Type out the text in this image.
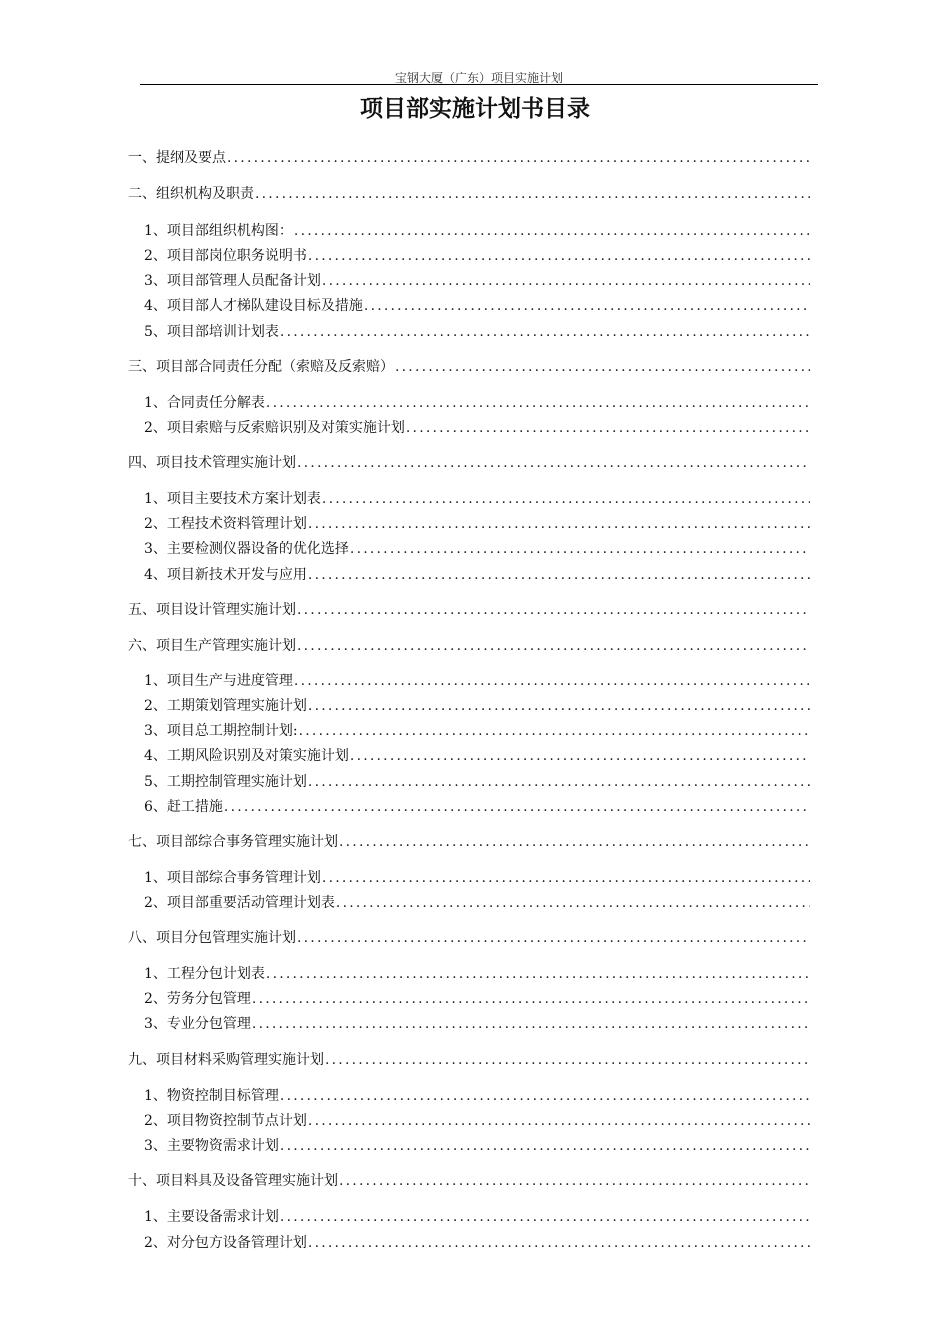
宝钢大厦（广东）项目实施计划
项目部实施计划书目录
一、提纲及要点
.....
二、组织机构及职责
.....
1、项目部组织机构图：
.....
2、项目部岗位职务说明书
.....
3、项目部管理人员配备计划
.....
4、项目部人才梯队建设目标及措施
.....
5、项目部培训计划表
.....
三、项目部合同责任分配（索赔及反索赔）
.....
1、合同责任分解表
.....
2、项目索赔与反索赔识别及对策实施计划
.....
四、项目技术管理实施计划
.....
1、项目主要技术方案计划表
.....
2、工程技术资料管理计划
.....
3、主要检测仪器设备的优化选择
.....
4、项目新技术开发与应用
.....
五、项目设计管理实施计划
.....
六、项目生产管理实施计划
.....
1、项目生产与进度管理
.....
2、工期策划管理实施计划
.....
3、项目总工期控制计划:
.....
4、工期风险识别及对策实施计划
.....
5、工期控制管理实施计划
.....
6、赶工措施
.....
七、项目部综合事务管理实施计划
.....
1、项目部综合事务管理计划
.....
2、项目部重要活动管理计划表
.....
八、项目分包管理实施计划
.....
1、工程分包计划表
.....
2、劳务分包管理
.....
3、专业分包管理
.....
九、项目材料采购管理实施计划
.....
1、物资控制目标管理
.....
2、项目物资控制节点计划
.....
3、主要物资需求计划
.....
十、项目料具及设备管理实施计划
.....
1、主要设备需求计划
.....
2、对分包方设备管理计划
.....
